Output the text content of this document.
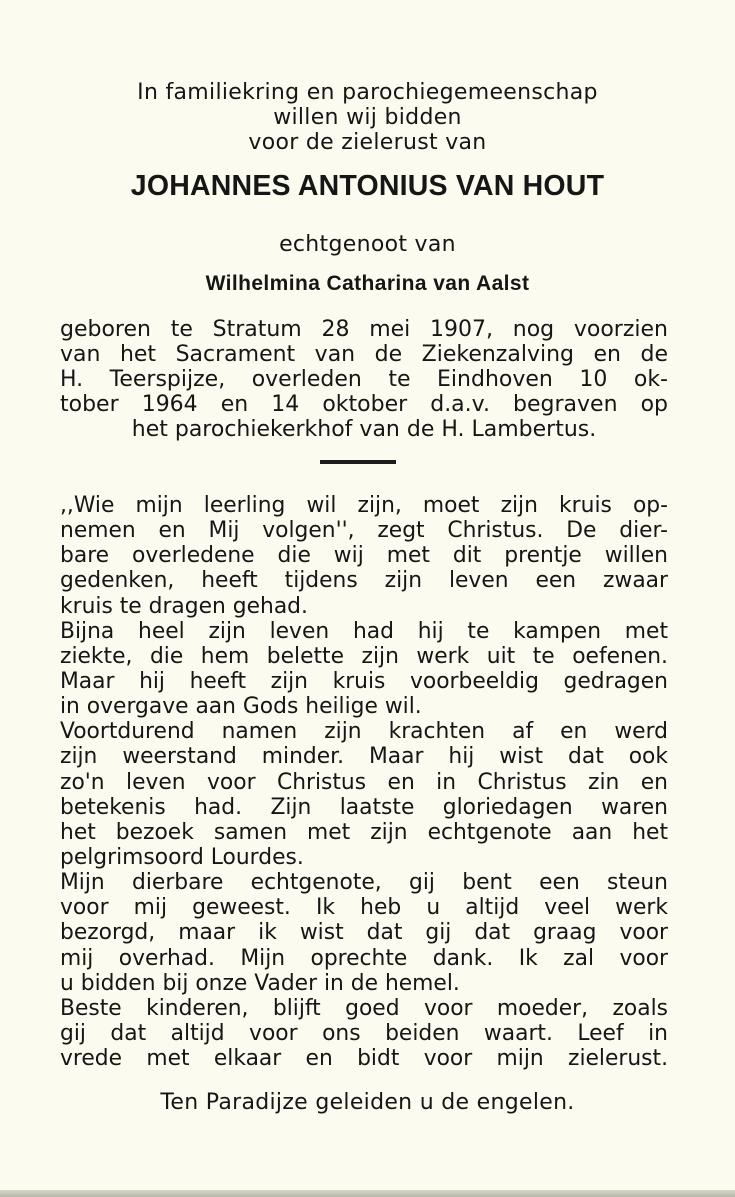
In familiekring en parochiegemeenschap
willen wij bidden
voor de zielerust van
JOHANNES ANTONIUS VAN HOUT
echtgenoot van
Wilhelmina Catharina van Aalst
geboren te Stratum 28 mei 1907, nog voorzien
van het Sacrament van de Ziekenzalving en de
H. Teerspijze, overleden te Eindhoven 10 ok-
tober 1964 en 14 oktober d.a.v. begraven op
het parochiekerkhof van de H. Lambertus.
,,Wie mijn leerling wil zijn, moet zijn kruis op-
nemen en Mij volgen'', zegt Christus. De dier-
bare overledene die wij met dit prentje willen
gedenken, heeft tijdens zijn leven een zwaar
kruis te dragen gehad.
Bijna heel zijn leven had hij te kampen met
ziekte, die hem belette zijn werk uit te oefenen.
Maar hij heeft zijn kruis voorbeeldig gedragen
in overgave aan Gods heilige wil.
Voortdurend namen zijn krachten af en werd
zijn weerstand minder. Maar hij wist dat ook
zo'n leven voor Christus en in Christus zin en
betekenis had. Zijn laatste gloriedagen waren
het bezoek samen met zijn echtgenote aan het
pelgrimsoord Lourdes.
Mijn dierbare echtgenote, gij bent een steun
voor mij geweest. Ik heb u altijd veel werk
bezorgd, maar ik wist dat gij dat graag voor
mij overhad. Mijn oprechte dank. Ik zal voor
u bidden bij onze Vader in de hemel.
Beste kinderen, blijft goed voor moeder, zoals
gij dat altijd voor ons beiden waart. Leef in
vrede met elkaar en bidt voor mijn zielerust.
Ten Paradijze geleiden u de engelen.
